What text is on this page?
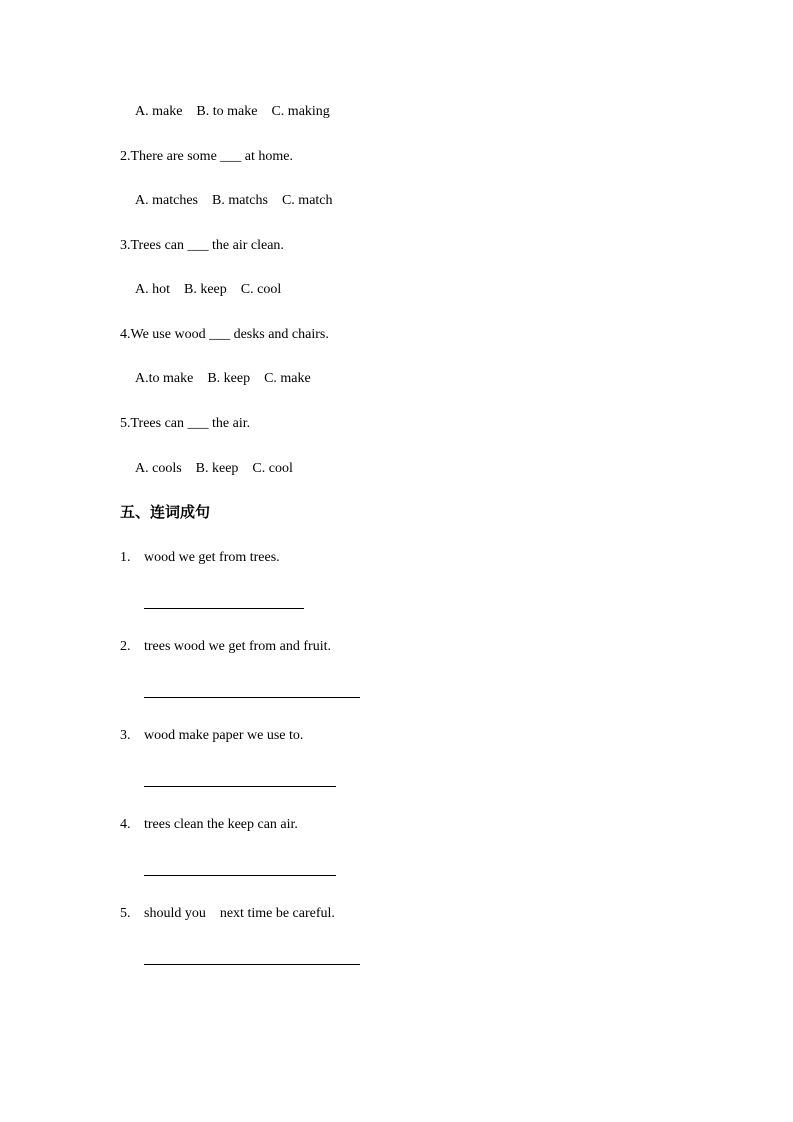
A. make    B. to make    C. making
2.There are some ___ at home.
A. matches    B. matchs    C. match
3.Trees can ___ the air clean.
A. hot    B. keep    C. cool
4.We use wood ___ desks and chairs.
A.to make    B. keep    C. make
5.Trees can ___ the air.
A. cools    B. keep    C. cool
五、连词成句
1. wood we get from trees.
2. trees wood we get from and fruit.
3. wood make paper we use to.
4. trees clean the keep can air.
5. should you    next time be careful.
